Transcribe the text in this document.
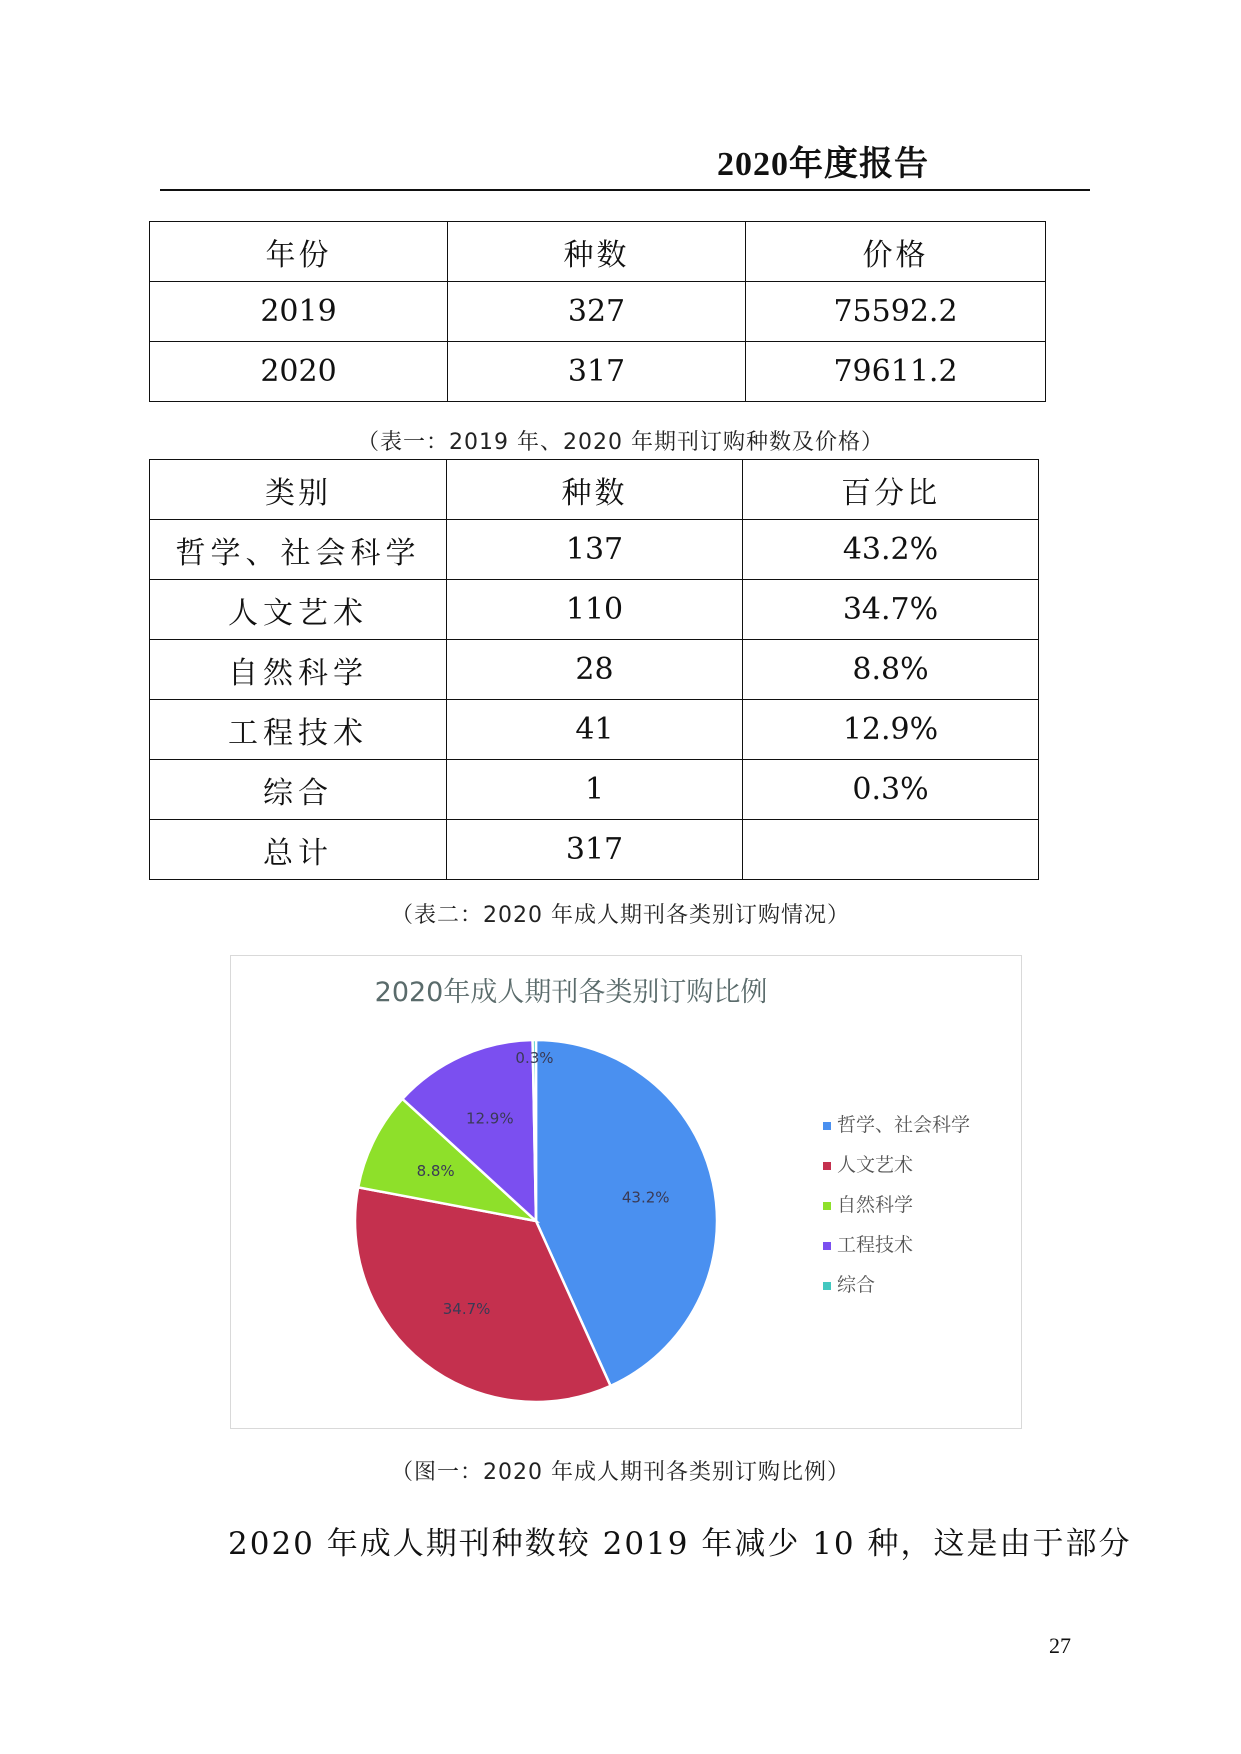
2020年度报告
年份	种数	价格
2019	327	75592.2
2020	317	79611.2
（表一：2019 年、2020 年期刊订购种数及价格）
类别	种数	百分比
哲学、社会科学	137	43.2%
人文艺术	110	34.7%
自然科学	28	8.8%
工程技术	41	12.9%
综合	1	0.3%
总计	317	
（表二：2020 年成人期刊各类别订购情况）
2020年成人期刊各类别订购比例
43.2%
34.7%
8.8%
12.9%
0.3%
哲学、社会科学
人文艺术
自然科学
工程技术
综合
（图一：2020 年成人期刊各类别订购比例）
2020 年成人期刊种数较 2019 年减少 10 种，这是由于部分
27
